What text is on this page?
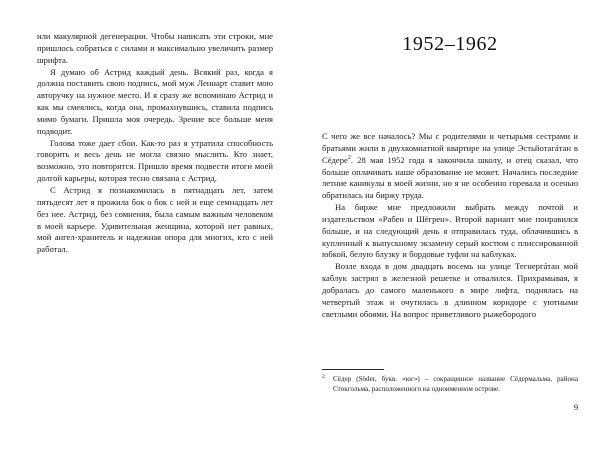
или макулярной дегенерации. Чтобы написать эти строки, мне пришлось собраться с силами и максимально увеличить размер шрифта.

Я думаю об Астрид каждый день. Всякий раз, когда я должна поставить свою подпись, мой муж Леннарт ставит мою авторучку на нужное место. И я сразу же вспоминаю Астрид и как мы смеялись, когда она, промахнувшись, ставила подпись мимо бумаги. Пришла моя очередь. Зрение все больше меня подводит.

Голова тоже дает сбои. Как-то раз я утратила способность говорить и весь день не могла связно мыслить. Кто знает, возможно, это повторится. Пришло время подвести итоги моей долгой карьеры, которая тесно связана с Астрид.

С Астрид я познакомилась в пятнадцать лет, затем пятьдесят лет я прожила бок о бок с ней и еще семнадцать лет без нее. Астрид, без сомнения, была самым важным человеком в моей карьере. Удивительная женщина, которой нет равных, мой ангел-хранитель и надежная опора для многих, кто с ней работал.

1952–1962

С чего же все началось? Мы с родителями и четырьмя сестрами и братьями жили в двухкомнатной квартире на улице Эстьйотагáтан в Сёдере$^2$. 28 мая 1952 года я закончила школу, и отец сказал, что больше оплачивать наше образование не может. Начались последние летние каникулы в моей жизни, но я не особенно горевала и осенью обратилась на биржу труда.

На бирже мне предложили выбрать между почтой и издательством «Рабен и Шёгрен». Второй вариант мне понравился больше, и на следующий день я отправилась туда, облачившись в купленный к выпускному экзамену серый костюм с плиссированной юбкой, белую блузку и бордовые туфли на каблуках.

Возле входа в дом двадцать восемь на улице Тегнергáтан мой каблук застрял в железной решетке и отвалился. Прихрамывая, я добралась до самого маленького в мире лифта, поднялась на четвертый этаж и очутилась в длинном коридоре с уютными светлыми обоями. На вопрос приветливого рыжебородого

2 Сёдер (Söder, букв. «юг») – сокращенное название Сёдермальма, района Стокгольма, расположенного на одноименном острове.

9
